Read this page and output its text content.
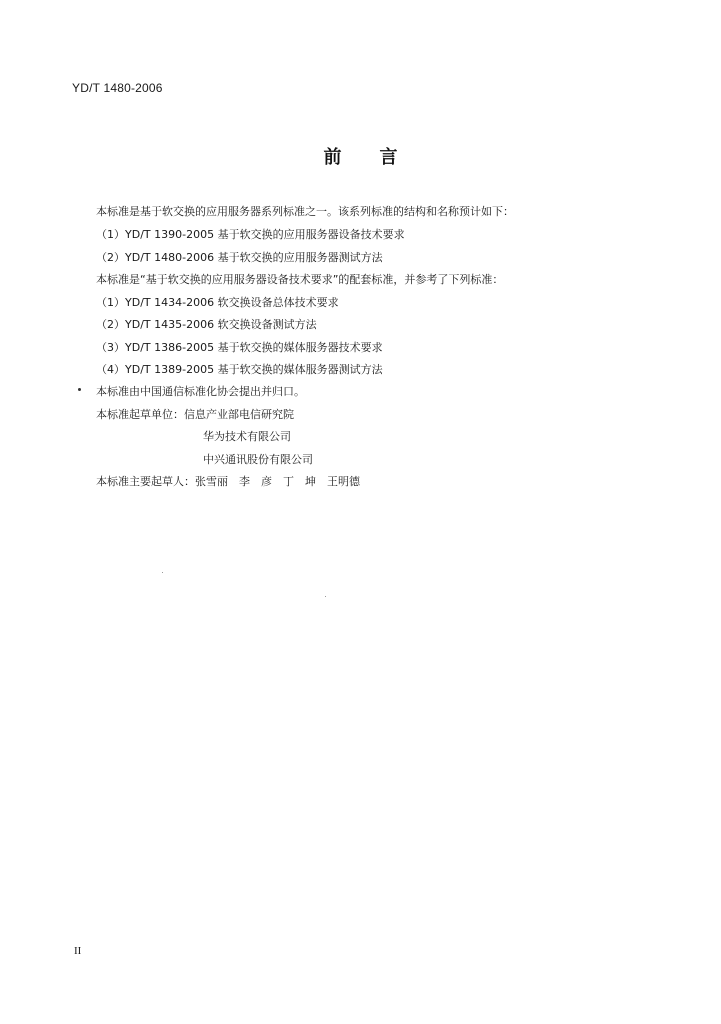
YD/T 1480-2006
前言
本标准是基于软交换的应用服务器系列标准之一。该系列标准的结构和名称预计如下：
（1）YD/T 1390-2005 基于软交换的应用服务器设备技术要求
（2）YD/T 1480-2006 基于软交换的应用服务器测试方法
本标准是“基于软交换的应用服务器设备技术要求”的配套标准，并参考了下列标准：
（1）YD/T 1434-2006 软交换设备总体技术要求
（2）YD/T 1435-2006 软交换设备测试方法
（3）YD/T 1386-2005 基于软交换的媒体服务器技术要求
（4）YD/T 1389-2005 基于软交换的媒体服务器测试方法
本标准由中国通信标准化协会提出并归口。
本标准起草单位：信息产业部电信研究院
华为技术有限公司
中兴通讯股份有限公司
本标准主要起草人：张雪丽　李　彦　丁　坤　王明德
II
